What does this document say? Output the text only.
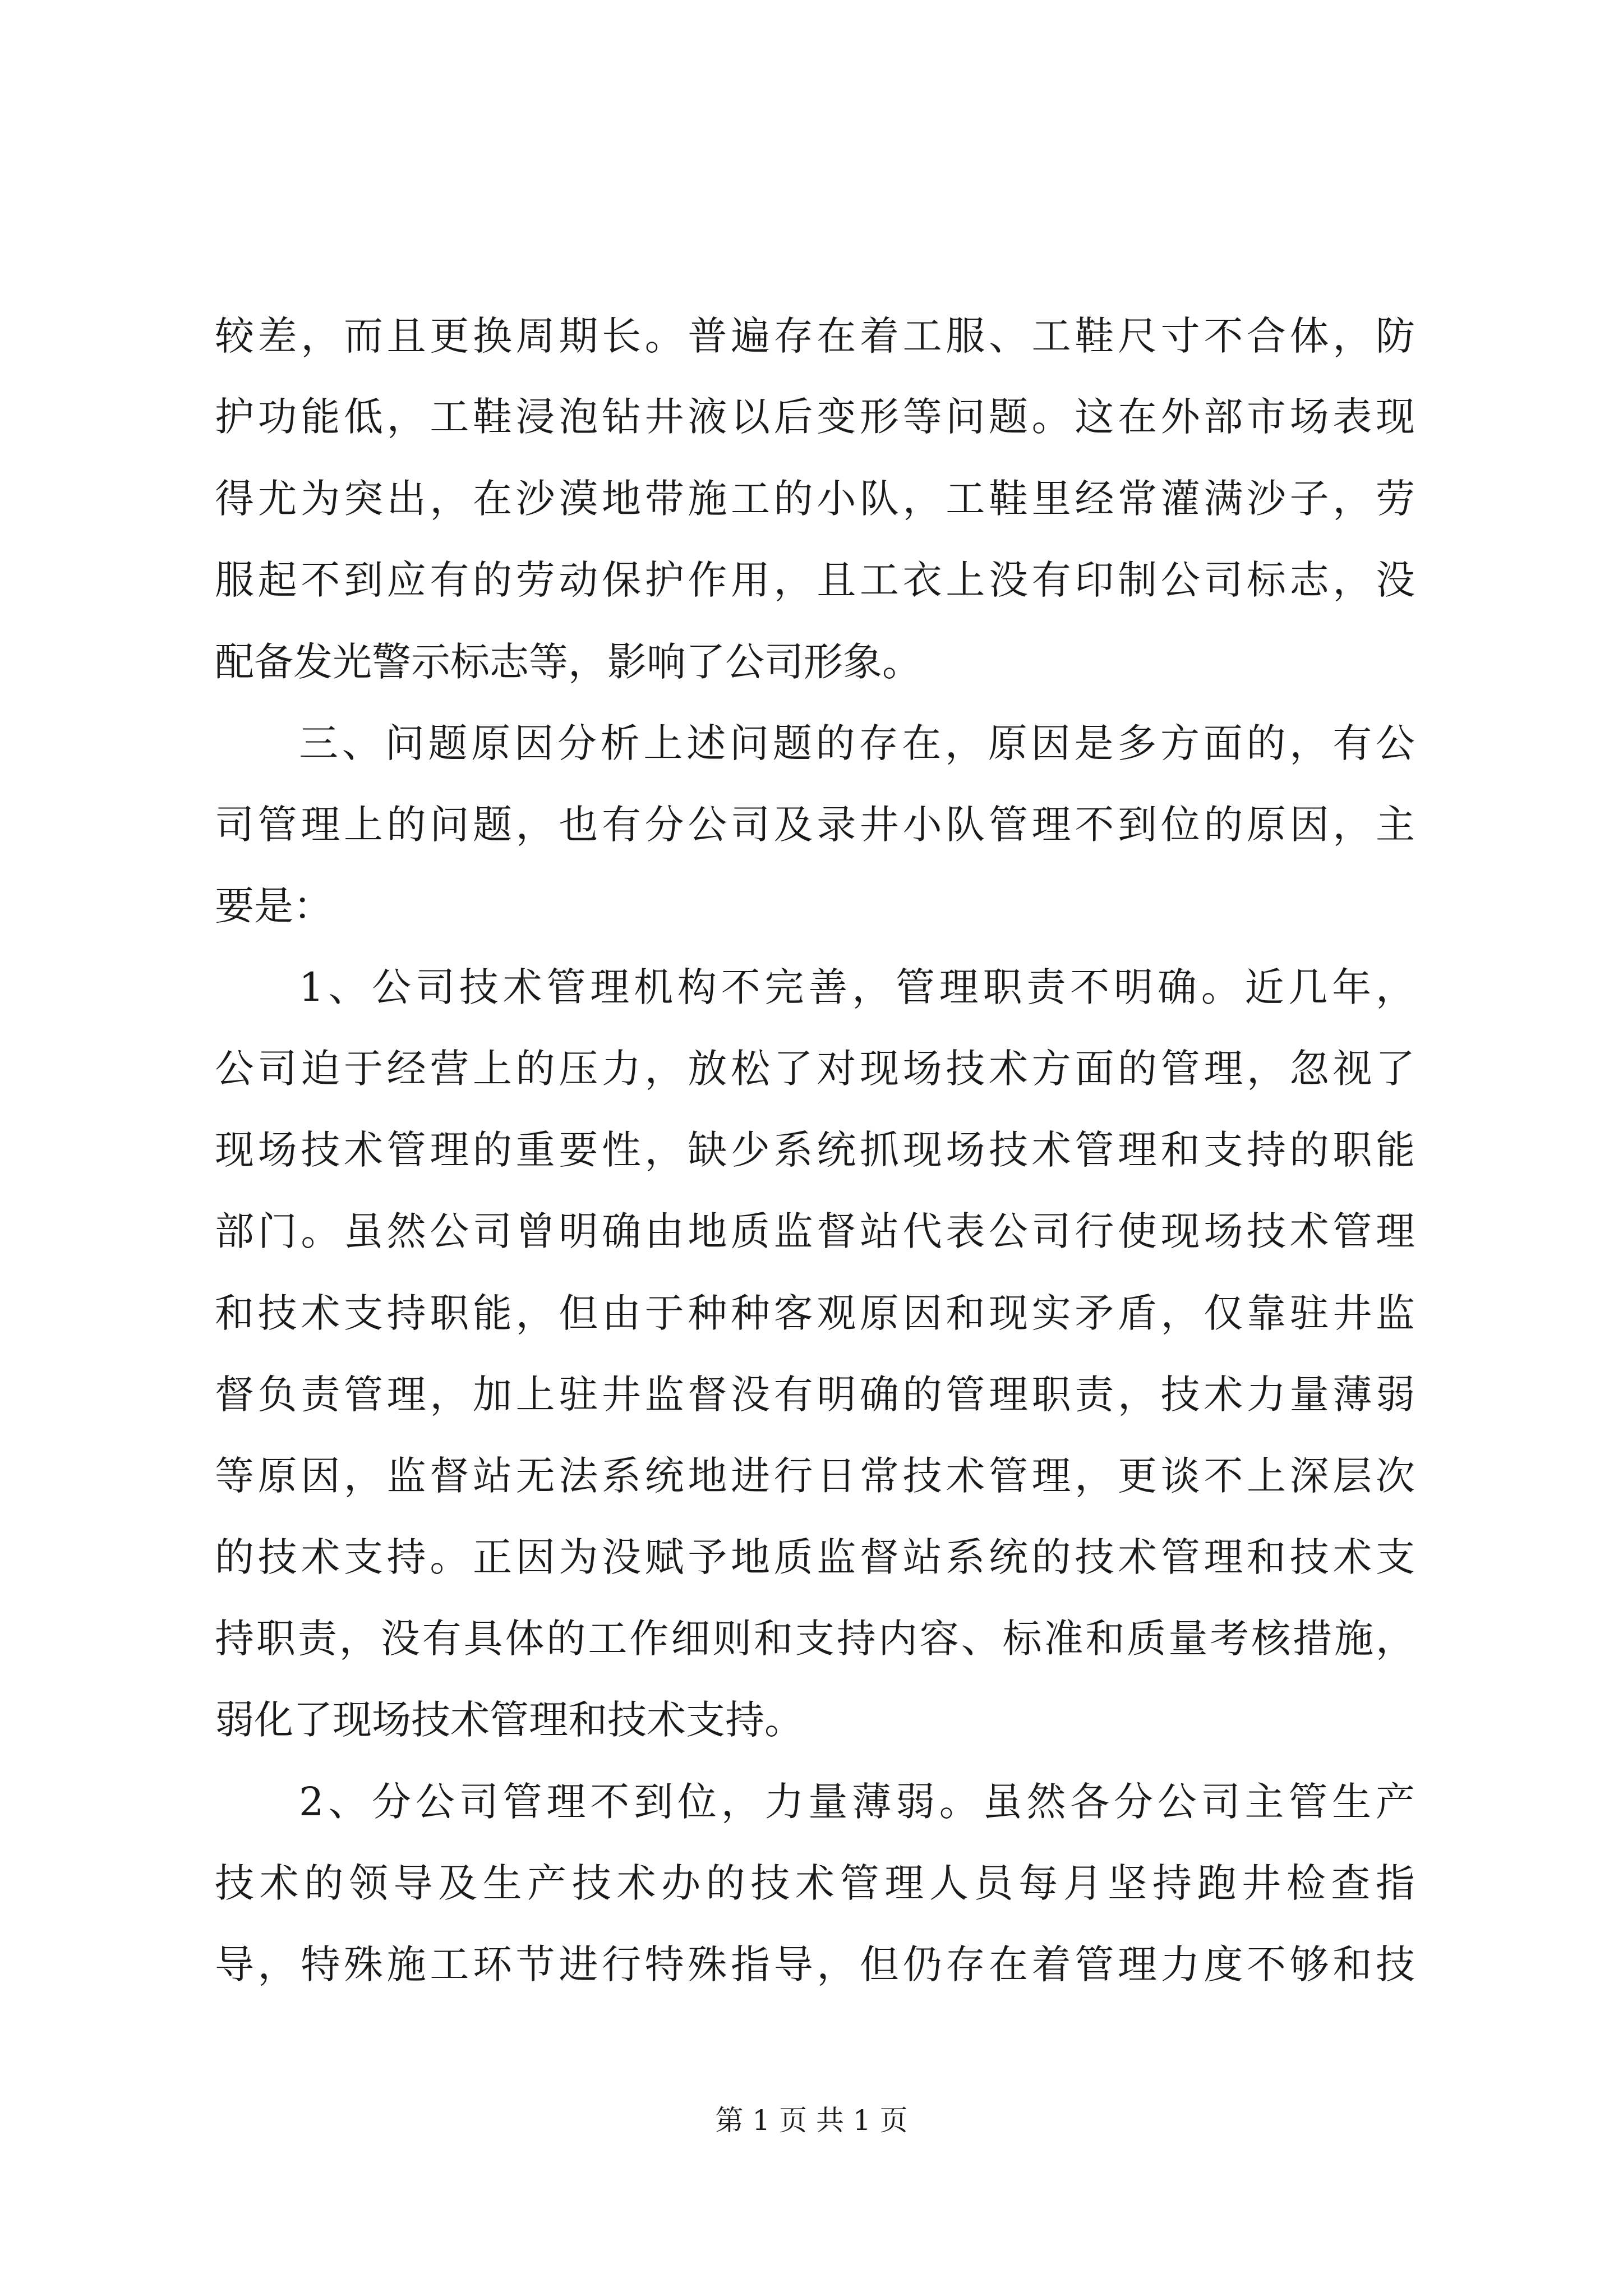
较差，而且更换周期长。普遍存在着工服、工鞋尺寸不合体，防
护功能低，工鞋浸泡钻井液以后变形等问题。这在外部市场表现
得尤为突出，在沙漠地带施工的小队，工鞋里经常灌满沙子，劳
服起不到应有的劳动保护作用，且工衣上没有印制公司标志，没
配备发光警示标志等，影响了公司形象。
三、问题原因分析上述问题的存在，原因是多方面的，有公
司管理上的问题，也有分公司及录井小队管理不到位的原因，主
要是：
1、公司技术管理机构不完善，管理职责不明确。近几年，
公司迫于经营上的压力，放松了对现场技术方面的管理，忽视了
现场技术管理的重要性，缺少系统抓现场技术管理和支持的职能
部门。虽然公司曾明确由地质监督站代表公司行使现场技术管理
和技术支持职能，但由于种种客观原因和现实矛盾，仅靠驻井监
督负责管理，加上驻井监督没有明确的管理职责，技术力量薄弱
等原因，监督站无法系统地进行日常技术管理，更谈不上深层次
的技术支持。正因为没赋予地质监督站系统的技术管理和技术支
持职责，没有具体的工作细则和支持内容、标准和质量考核措施，
弱化了现场技术管理和技术支持。
2、分公司管理不到位，力量薄弱。虽然各分公司主管生产
技术的领导及生产技术办的技术管理人员每月坚持跑井检查指
导，特殊施工环节进行特殊指导，但仍存在着管理力度不够和技
第 1 页 共 1 页
